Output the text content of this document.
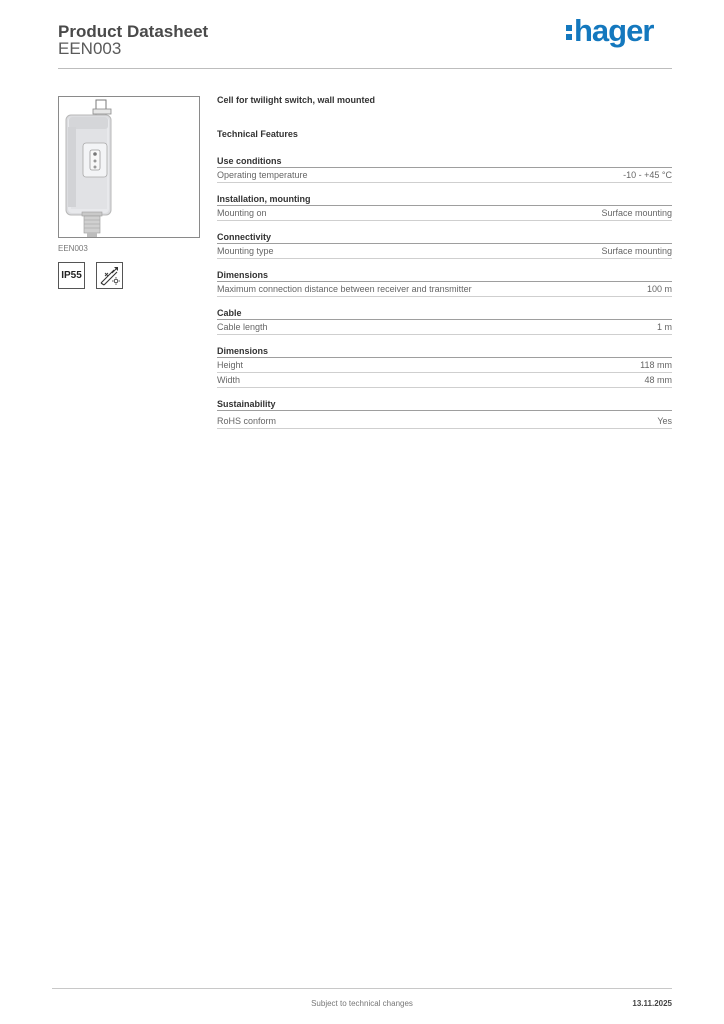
Product Datasheet
EEN003
hager
EEN003
IP55
Cell for twilight switch, wall mounted
Technical Features
Use conditions
Operating temperature	-10 - +45 °C
Installation, mounting
Mounting on	Surface mounting
Connectivity
Mounting type	Surface mounting
Dimensions
Maximum connection distance between receiver and transmitter	100 m
Cable
Cable length	1 m
Dimensions
Height	118 mm
Width	48 mm
Sustainability
RoHS conform	Yes
Subject to technical changes	13.11.2025
